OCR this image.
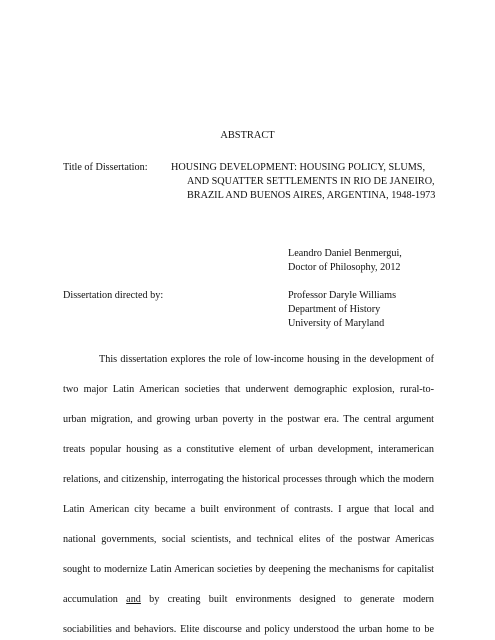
ABSTRACT
Title of Dissertation: HOUSING DEVELOPMENT: HOUSING POLICY, SLUMS,
AND SQUATTER SETTLEMENTS IN RIO DE JANEIRO,
BRAZIL AND BUENOS AIRES, ARGENTINA, 1948-1973
Leandro Daniel Benmergui,
Doctor of Philosophy, 2012
Dissertation directed by:	Professor Daryle Williams
Department of History
University of Maryland
This dissertation explores the role of low-income housing in the development of
two major Latin American societies that underwent demographic explosion, rural-to-
urban migration, and growing urban poverty in the postwar era. The central argument
treats popular housing as a constitutive element of urban development, interamerican
relations, and citizenship, interrogating the historical processes through which the modern
Latin American city became a built environment of contrasts. I argue that local and
national governments, social scientists, and technical elites of the postwar Americas
sought to modernize Latin American societies by deepening the mechanisms for capitalist
accumulation and by creating built environments designed to generate modern
sociabilities and behaviors. Elite discourse and policy understood the urban home to be
